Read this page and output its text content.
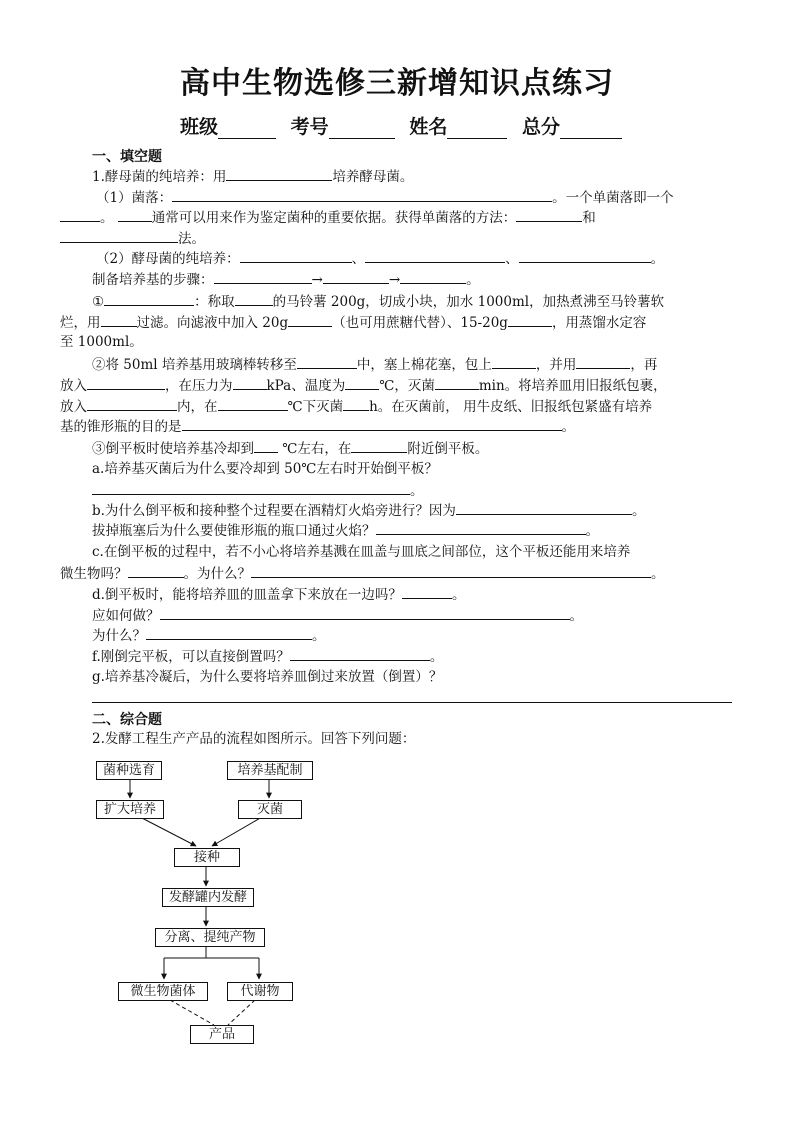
高中生物选修三新增知识点练习
班级	考号	姓名	总分
一、填空题
1.酵母菌的纯培养：用	培养酵母菌。
（1）菌落：	。一个单菌落即一个
。	通常可以用来作为鉴定菌种的重要依据。获得单菌落的方法：	和
法。
（2）酵母菌的纯培养：	、	、	。
制备培养基的步骤：	→	→	。
①	：称取	的马铃薯 200g，切成小块，加水 1000ml，加热煮沸至马铃薯软
烂，用	过滤。向滤液中加入 20g	（也可用蔗糖代替）、15-20g	，用蒸馏水定容
至 1000ml。
②将 50ml 培养基用玻璃棒转移至	中，塞上棉花塞，包上	，并用	，再
放入	，在压力为	kPa、温度为	℃，灭菌	min。将培养皿用旧报纸包裹，
放入	内，在	℃下灭菌 h。在灭菌前， 用牛皮纸、旧报纸包紧盛有培养
基的锥形瓶的目的是	。
③倒平板时使培养基冷却到 ℃左右，在	附近倒平板。
a.培养基灭菌后为什么要冷却到 50℃左右时开始倒平板？
。
b.为什么倒平板和接种整个过程要在酒精灯火焰旁进行？因为	。
拔掉瓶塞后为什么要使锥形瓶的瓶口通过火焰？	。
c.在倒平板的过程中，若不小心将培养基溅在皿盖与皿底之间部位，这个平板还能用来培养
微生物吗？	。为什么？	。
d.倒平板时，能将培养皿的皿盖拿下来放在一边吗？	。
应如何做？	。
为什么？	。
f.刚倒完平板，可以直接倒置吗？	。
g.培养基冷凝后，为什么要将培养皿倒过来放置（倒置）？
二、综合题
2.发酵工程生产产品的流程如图所示。回答下列问题：
菌种选育	培养基配制
扩大培养	灭菌
接种
发酵罐内发酵
分离、提纯产物
微生物菌体	代谢物
产品
